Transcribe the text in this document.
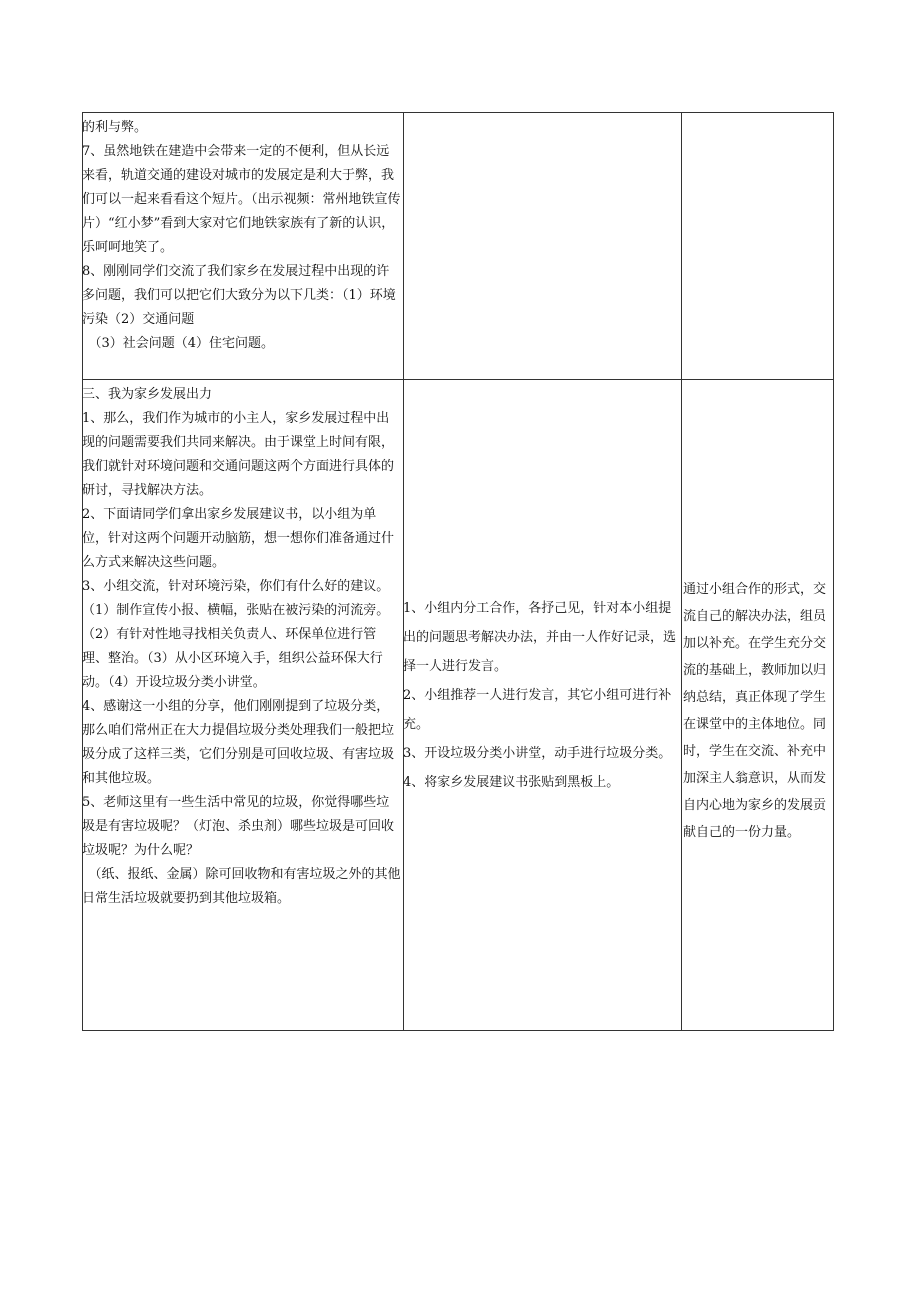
的利与弊。

7、虽然地铁在建造中会带来一定的不便利，但从长远来看，轨道交通的建设对城市的发展定是利大于弊，我们可以一起来看看这个短片。（出示视频：常州地铁宣传片）“红小梦”看到大家对它们地铁家族有了新的认识，乐呵呵地笑了。

8、刚刚同学们交流了我们家乡在发展过程中出现的许多问题，我们可以把它们大致分为以下几类：（1）环境污染（2）交通问题

　（3）社会问题（4）住宅问题。

三、我为家乡发展出力

1、那么，我们作为城市的小主人，家乡发展过程中出现的问题需要我们共同来解决。由于课堂上时间有限，我们就针对环境问题和交通问题这两个方面进行具体的研讨，寻找解决方法。

2、下面请同学们拿出家乡发展建议书，以小组为单位，针对这两个问题开动脑筋，想一想你们准备通过什么方式来解决这些问题。

3、小组交流，针对环境污染，你们有什么好的建议。（1）制作宣传小报、横幅，张贴在被污染的河流旁。（2）有针对性地寻找相关负责人、环保单位进行管理、整治。（3）从小区环境入手，组织公益环保大行动。（4）开设垃圾分类小讲堂。

4、感谢这一小组的分享，他们刚刚提到了垃圾分类，那么咱们常州正在大力提倡垃圾分类处理我们一般把垃圾分成了这样三类，它们分别是可回收垃圾、有害垃圾和其他垃圾。

5、老师这里有一些生活中常见的垃圾，你觉得哪些垃圾是有害垃圾呢？（灯泡、杀虫剂）哪些垃圾是可回收垃圾呢？为什么呢？

　（纸、报纸、金属）除可回收物和有害垃圾之外的其他日常生活垃圾就要扔到其他垃圾箱。

1、小组内分工合作，各抒己见，针对本小组提出的问题思考解决办法，并由一人作好记录，选择一人进行发言。

2、小组推荐一人进行发言，其它小组可进行补充。

3、开设垃圾分类小讲堂，动手进行垃圾分类。

4、将家乡发展建议书张贴到黑板上。

通过小组合作的形式，交流自己的解决办法，组员加以补充。在学生充分交流的基础上，教师加以归纳总结，真正体现了学生在课堂中的主体地位。同时，学生在交流、补充中加深主人翁意识，从而发自内心地为家乡的发展贡献自己的一份力量。
